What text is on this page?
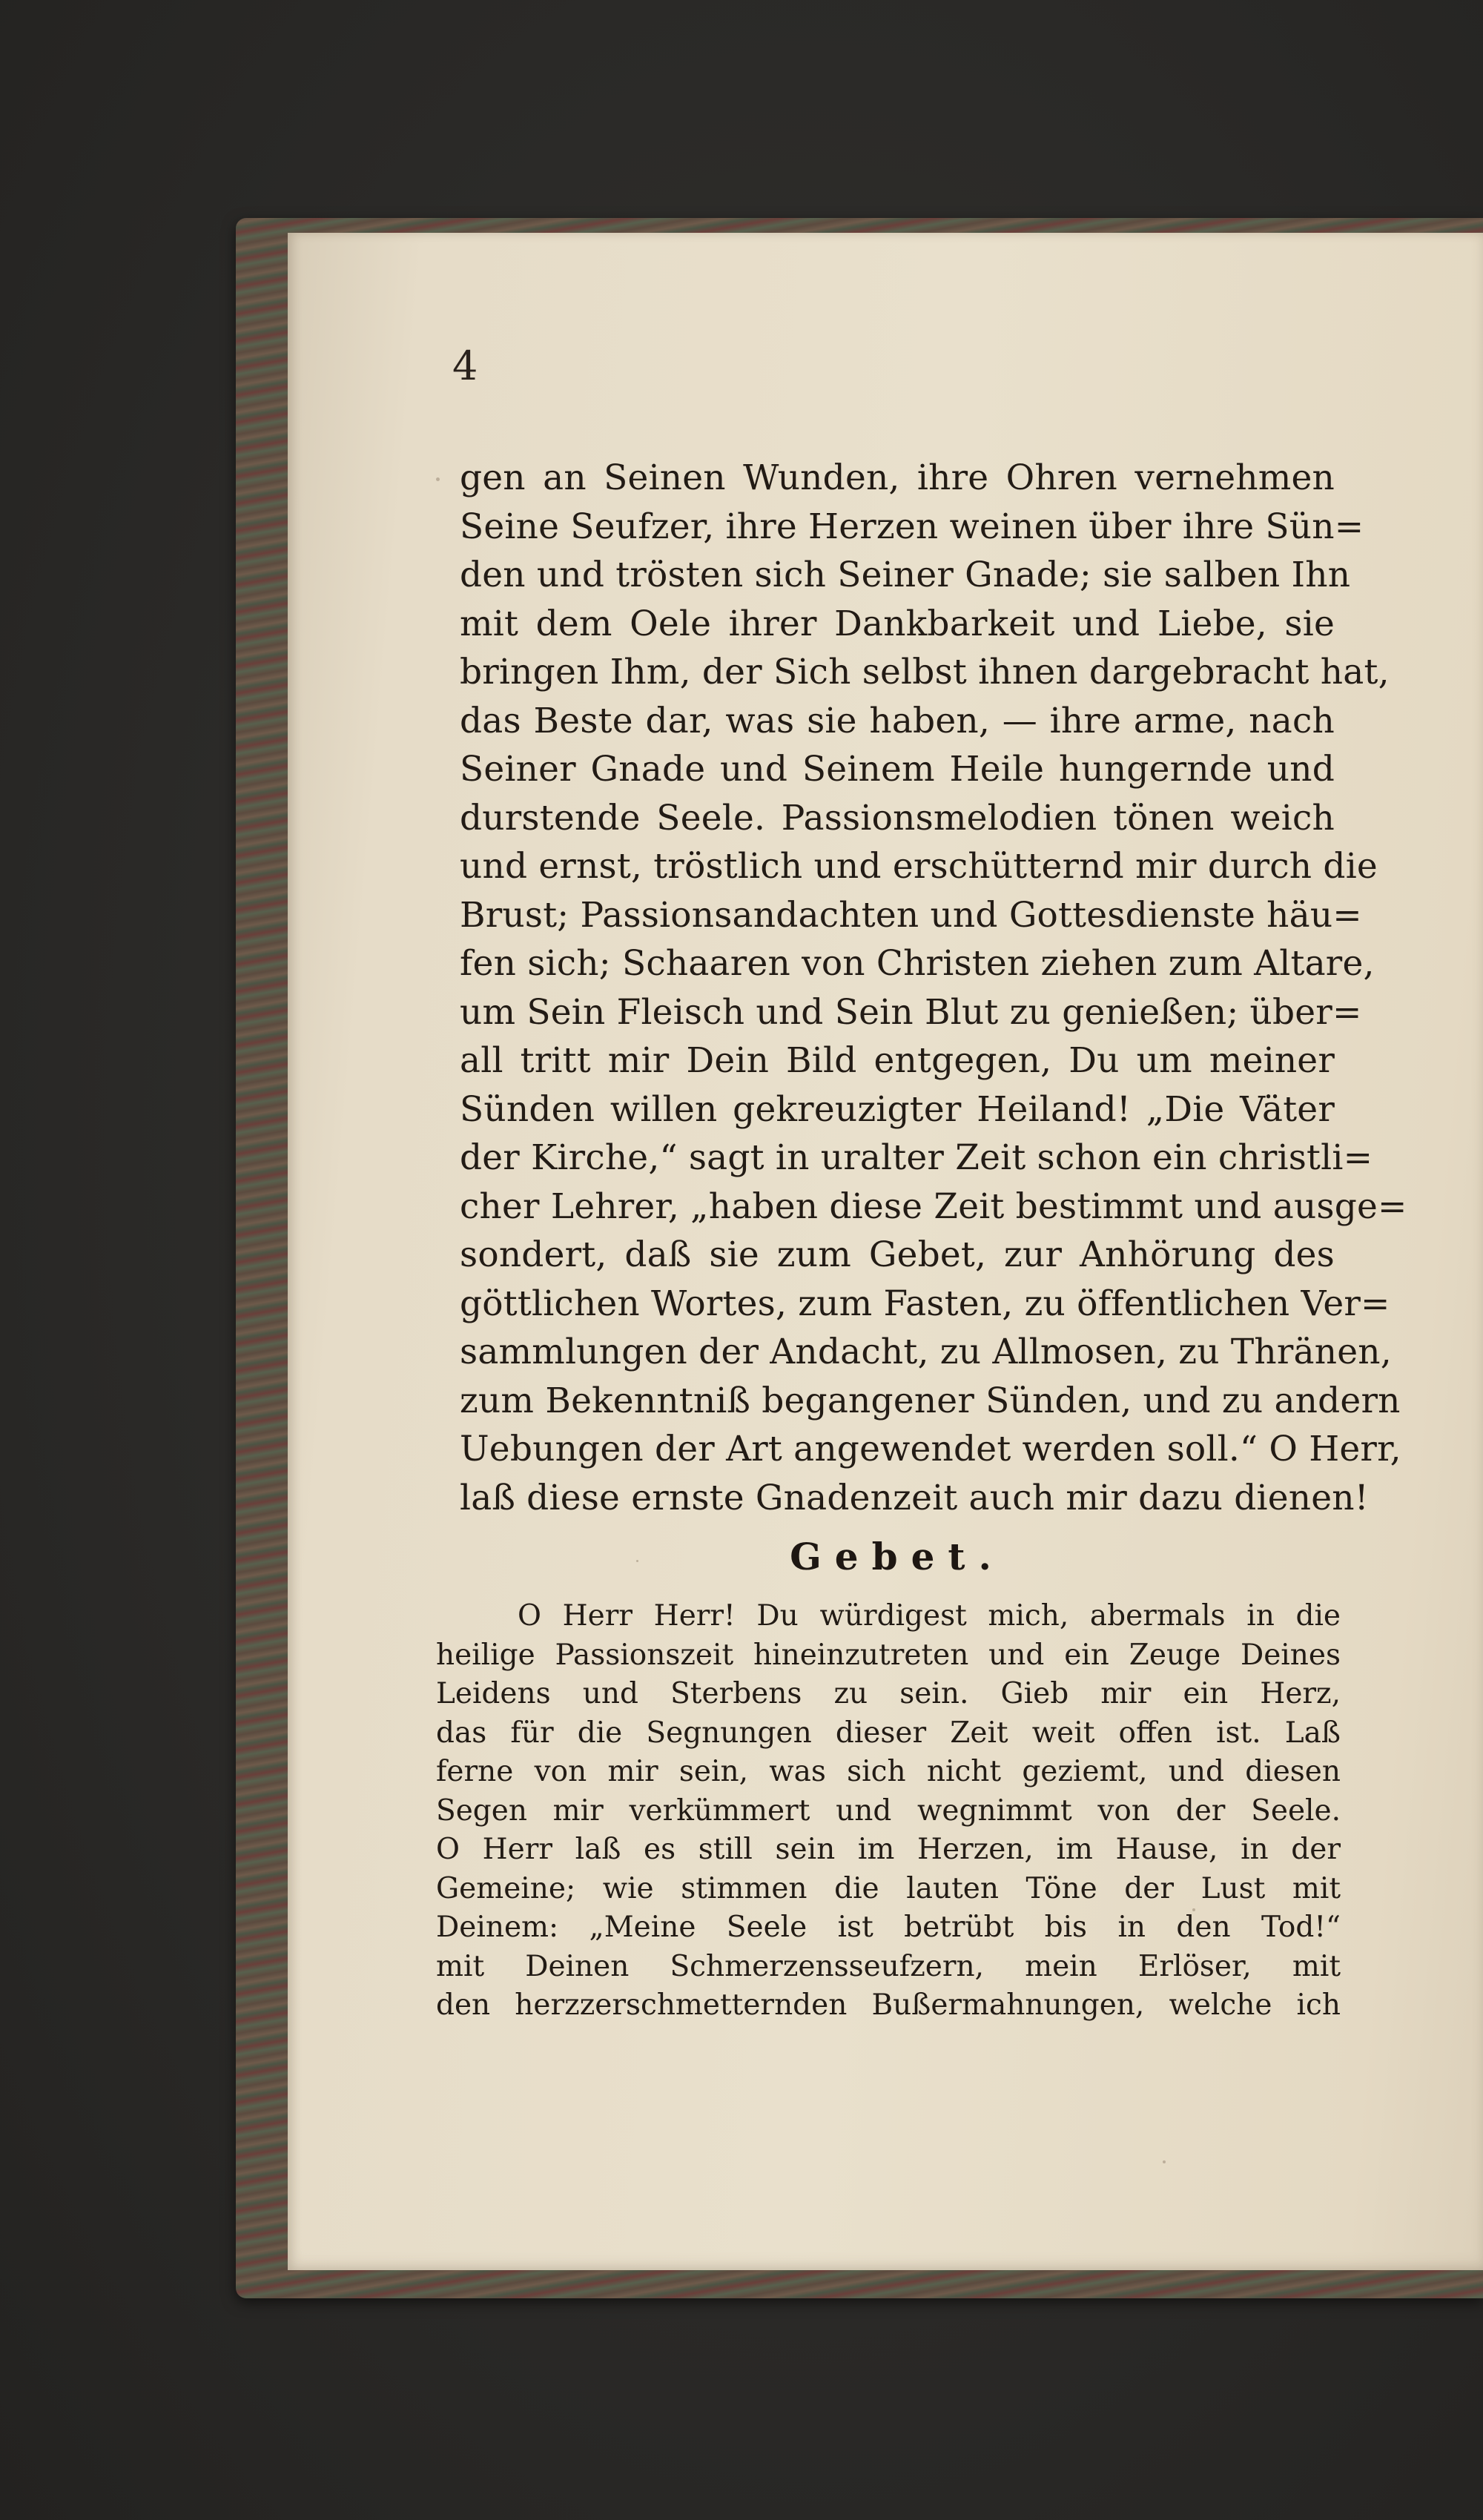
4
gen an Seinen Wunden, ihre Ohren vernehmen
Seine Seufzer, ihre Herzen weinen über ihre Sün=
den und trösten sich Seiner Gnade; sie salben Ihn
mit dem Oele ihrer Dankbarkeit und Liebe, sie
bringen Ihm, der Sich selbst ihnen dargebracht hat,
das Beste dar, was sie haben, — ihre arme, nach
Seiner Gnade und Seinem Heile hungernde und
durstende Seele. Passionsmelodien tönen weich
und ernst, tröstlich und erschütternd mir durch die
Brust; Passionsandachten und Gottesdienste häu=
fen sich; Schaaren von Christen ziehen zum Altare,
um Sein Fleisch und Sein Blut zu genießen; über=
all tritt mir Dein Bild entgegen, Du um meiner
Sünden willen gekreuzigter Heiland! „Die Väter
der Kirche,“ sagt in uralter Zeit schon ein christli=
cher Lehrer, „haben diese Zeit bestimmt und ausge=
sondert, daß sie zum Gebet, zur Anhörung des
göttlichen Wortes, zum Fasten, zu öffentlichen Ver=
sammlungen der Andacht, zu Allmosen, zu Thränen,
zum Bekenntniß begangener Sünden, und zu andern
Uebungen der Art angewendet werden soll.“ O Herr,
laß diese ernste Gnadenzeit auch mir dazu dienen!
Gebet.
O Herr Herr! Du würdigest mich, abermals in die
heilige Passionszeit hineinzutreten und ein Zeuge Deines
Leidens und Sterbens zu sein. Gieb mir ein Herz,
das für die Segnungen dieser Zeit weit offen ist. Laß
ferne von mir sein, was sich nicht geziemt, und diesen
Segen mir verkümmert und wegnimmt von der Seele.
O Herr laß es still sein im Herzen, im Hause, in der
Gemeine; wie stimmen die lauten Töne der Lust mit
Deinem: „Meine Seele ist betrübt bis in den Tod!“
mit Deinen Schmerzensseufzern, mein Erlöser, mit
den herzzerschmetternden Bußermahnungen, welche ich
